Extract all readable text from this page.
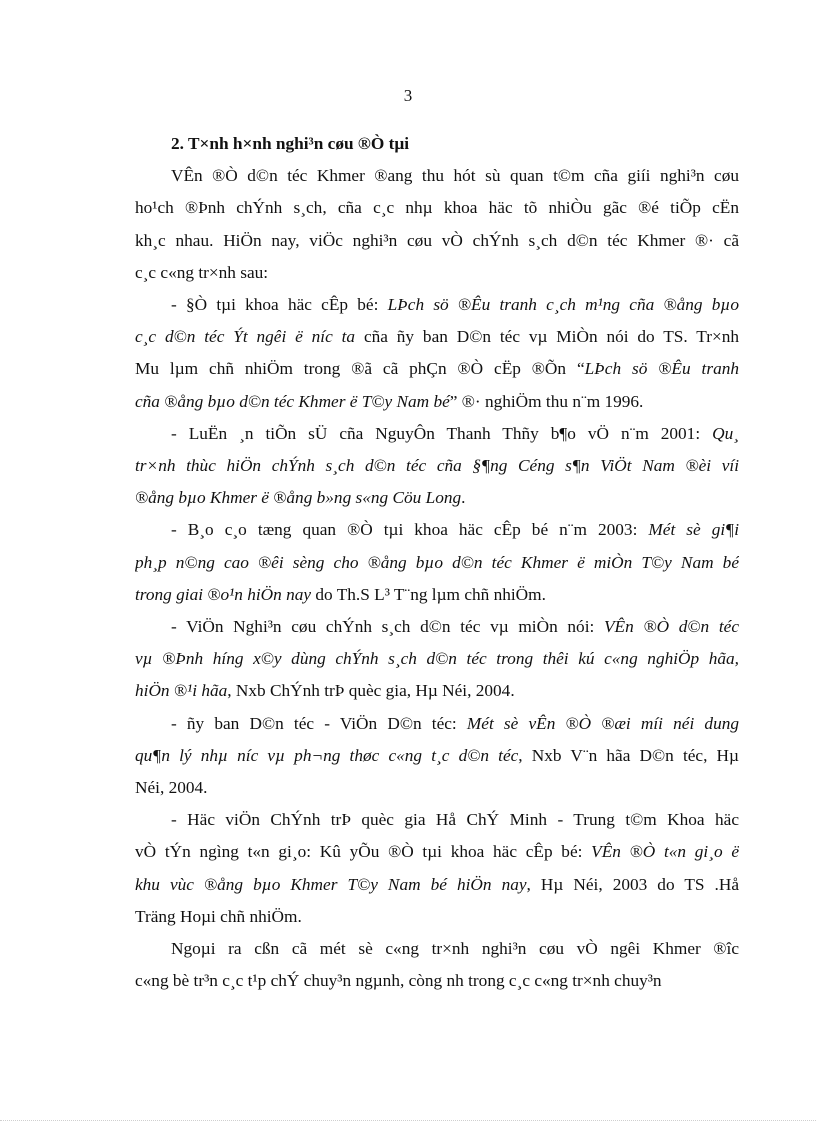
3

2. T×nh h×nh nghi³n cøu ®Ò tµi

VÊn ®Ò d©n téc Khmer ®ang thu hót sù quan t©m cña giíi nghi³n cøu
ho¹ch ®Þnh chÝnh s¸ch, cña c¸c nhµ khoa häc tõ nhiÒu gãc ®é tiÕp cËn
kh¸c nhau. HiÖn nay, viÖc nghi³n cøu vÒ chÝnh s¸ch d©n téc Khmer ®· cã
c¸c c«ng tr×nh sau:
- §Ò tµi khoa häc cÊp bé: LÞch sö ®Êu tranh c¸ch m¹ng cña ®ång bµo
c¸c d©n téc Ýt ngêi ë níc ta cña ñy ban D©n téc vµ MiÒn nói do TS. Tr×nh
Mu lµm chñ nhiÖm trong ®ã cã phÇn ®Ò cËp ®Õn “LÞch sö ®Êu tranh
cña ®ång bµo d©n téc Khmer ë T©y Nam bé” ®· nghiÖm thu n¨m 1996.
- LuËn ¸n tiÕn sÜ cña NguyÔn Thanh Thñy b¶o vÖ n¨m 2001: Qu¸
tr×nh thùc hiÖn chÝnh s¸ch d©n téc cña §¶ng Céng s¶n ViÖt Nam ®èi víi
®ång bµo Khmer ë ®ång b»ng s«ng Cöu Long.
- B¸o c¸o tæng quan ®Ò tµi khoa häc cÊp bé n¨m 2003: Mét sè gi¶i
ph¸p n©ng cao ®êi sèng cho ®ång bµo d©n téc Khmer ë miÒn T©y Nam bé
trong giai ®o¹n hiÖn nay do Th.S L³ T¨ng lµm chñ nhiÖm.
- ViÖn Nghi³n cøu chÝnh s¸ch d©n téc vµ miÒn nói: VÊn ®Ò d©n téc
vµ ®Þnh híng x©y dùng chÝnh s¸ch d©n téc trong thêi kú c«ng nghiÖp hãa,
hiÖn ®¹i hãa, Nxb ChÝnh trÞ quèc gia, Hµ Néi, 2004.
- ñy ban D©n téc - ViÖn D©n téc: Mét sè vÊn ®Ò ®æi míi néi dung
qu¶n lý nhµ níc vµ ph¬ng thøc c«ng t¸c d©n téc, Nxb V¨n hãa D©n téc, Hµ
Néi, 2004.
- Häc viÖn ChÝnh trÞ quèc gia Hå ChÝ Minh - Trung t©m Khoa häc
vÒ tÝn ngìng t«n gi¸o: Kû yÕu ®Ò tµi khoa häc cÊp bé: VÊn ®Ò t«n gi¸o ë
khu vùc ®ång bµo Khmer T©y Nam bé hiÖn nay, Hµ Néi, 2003 do TS .Hå
Träng Hoµi chñ nhiÖm.
Ngoµi ra cßn cã mét sè c«ng tr×nh nghi³n cøu vÒ ngêi Khmer ®îc
c«ng bè tr³n c¸c t¹p chÝ chuy³n ngµnh, còng nh trong c¸c c«ng tr×nh chuy³n
